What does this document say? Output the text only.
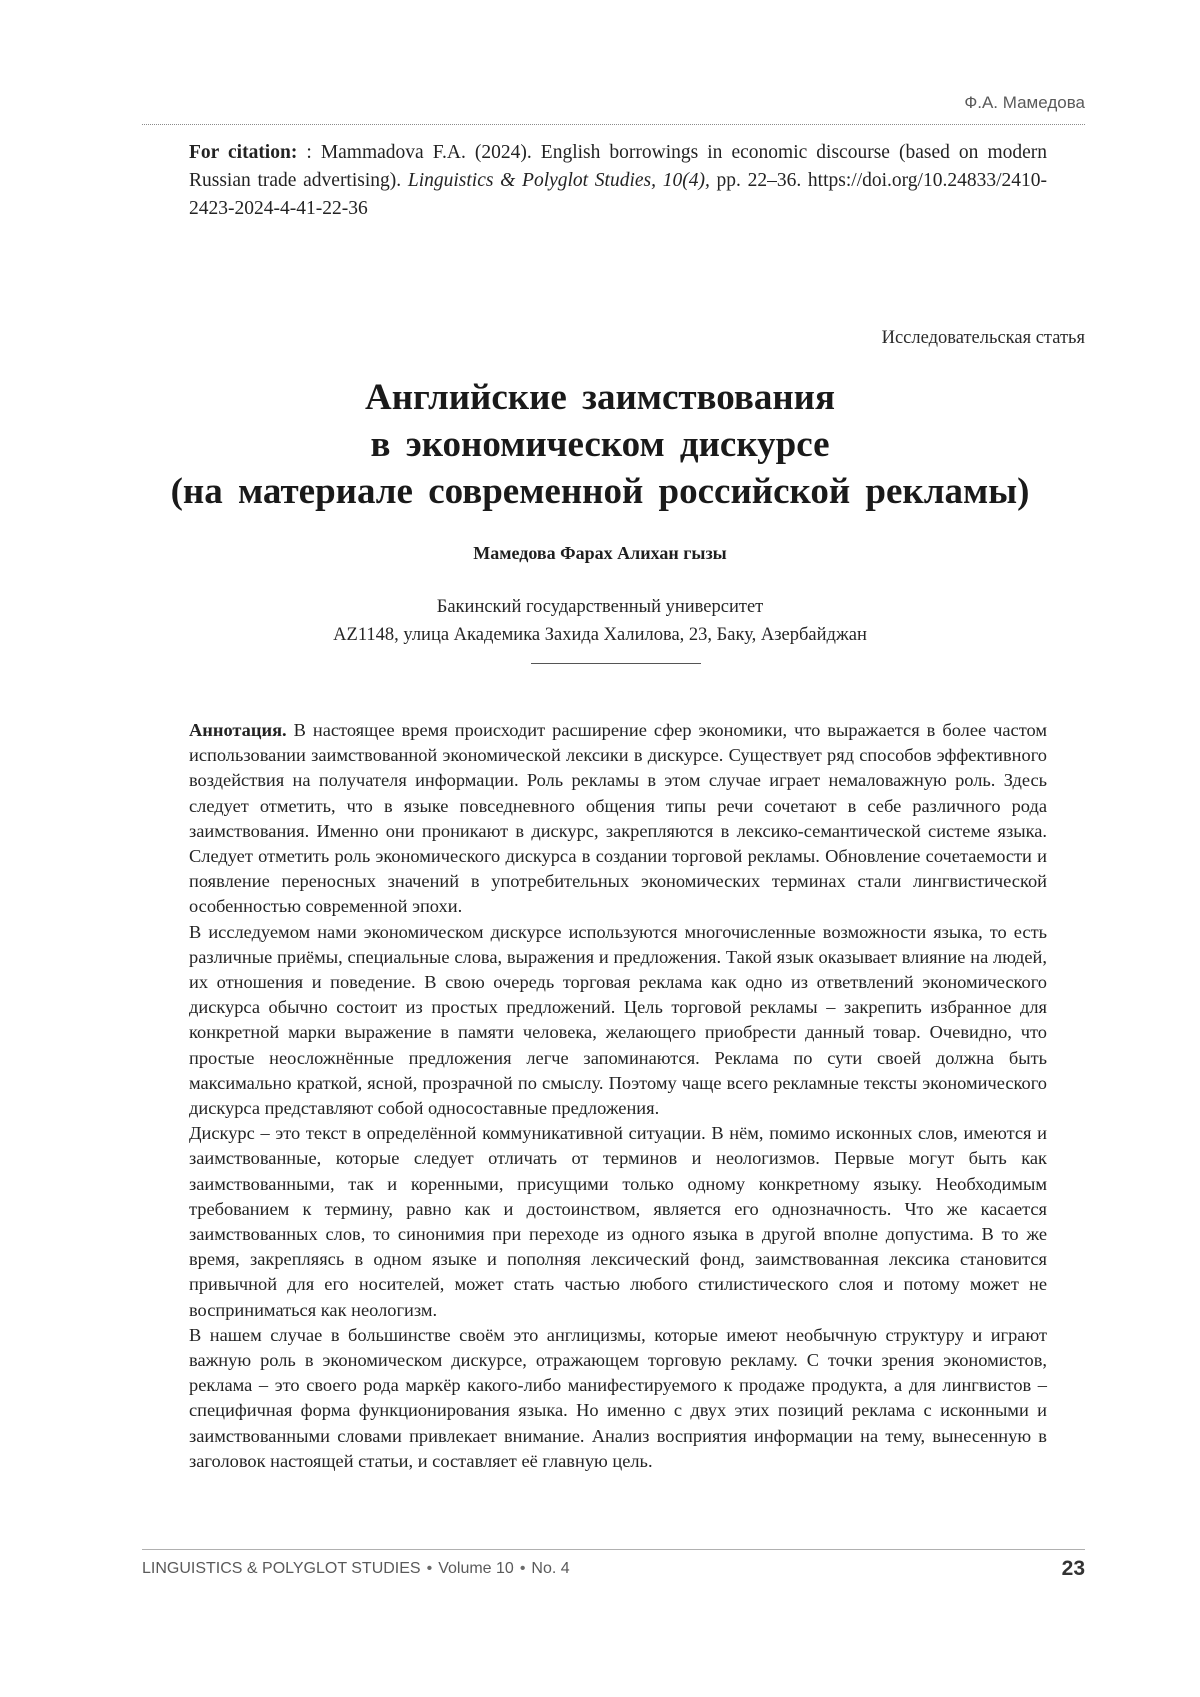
Ф.А. Мамедова
For citation: : Mammadova F.A. (2024). English borrowings in economic discourse (based on modern Russian trade advertising). Linguistics & Polyglot Studies, 10(4), pp. 22–36. https://doi.org/10.24833/2410-2423-2024-4-41-22-36
Исследовательская статья
Английские заимствования
в экономическом дискурсе
(на материале современной российской рекламы)
Мамедова Фарах Алихан гызы
Бакинский государственный университет
AZ1148, улица Академика Захида Халилова, 23, Баку, Азербайджан

Аннотация. В настоящее время происходит расширение сфер экономики, что выражается в более частом использовании заимствованной экономической лексики в дискурсе. Существует ряд способов эффективного воздействия на получателя информации. Роль рекламы в этом случае играет немаловажную роль. Здесь следует отметить, что в языке повседневного общения типы речи сочетают в себе различного рода заимствования. Именно они проникают в дискурс, закрепляются в лексико-семантической системе языка. Следует отметить роль экономического дискурса в создании торговой рекламы. Обновление сочетаемости и появление переносных значений в употребительных экономических терминах стали лингвистической особенностью современной эпохи.

В исследуемом нами экономическом дискурсе используются многочисленные возможности языка, то есть различные приёмы, специальные слова, выражения и предложения. Такой язык оказывает влияние на людей, их отношения и поведение. В свою очередь торговая реклама как одно из ответвлений экономического дискурса обычно состоит из простых предложений. Цель торговой рекламы – закрепить избранное для конкретной марки выражение в памяти человека, желающего приобрести данный товар. Очевидно, что простые неосложнённые предложения легче запоминаются. Реклама по сути своей должна быть максимально краткой, ясной, прозрачной по смыслу. Поэтому чаще всего рекламные тексты экономического дискурса представляют собой односоставные предложения.

Дискурс – это текст в определённой коммуникативной ситуации. В нём, помимо исконных слов, имеются и заимствованные, которые следует отличать от терминов и неологизмов. Первые могут быть как заимствованными, так и коренными, присущими только одному конкретному языку. Необходимым требованием к термину, равно как и достоинством, является его однозначность. Что же касается заимствованных слов, то синонимия при переходе из одного языка в другой вполне допустима. В то же время, закрепляясь в одном языке и пополняя лексический фонд, заимствованная лексика становится привычной для его носителей, может стать частью любого стилистического слоя и потому может не восприниматься как неологизм.

В нашем случае в большинстве своём это англицизмы, которые имеют необычную структуру и играют важную роль в экономическом дискурсе, отражающем торговую рекламу. С точки зрения экономистов, реклама – это своего рода маркёр какого-либо манифестируемого к продаже продукта, а для лингвистов – специфичная форма функционирования языка. Но именно с двух этих позиций реклама с исконными и заимствованными словами привлекает внимание. Анализ восприятия информации на тему, вынесенную в заголовок настоящей статьи, и составляет её главную цель.

LINGUISTICS & POLYGLOT STUDIES • Volume 10 • No. 4	23
